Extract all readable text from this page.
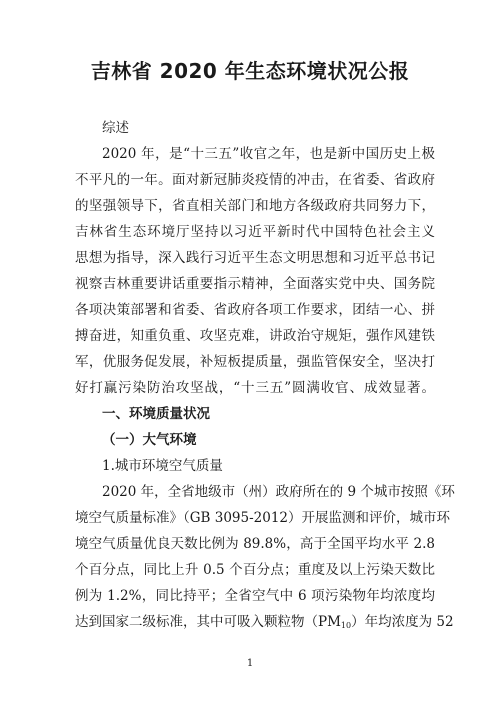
吉林省 2020 年生态环境状况公报
综述
2020 年，是“十三五”收官之年，也是新中国历史上极
不平凡的一年。面对新冠肺炎疫情的冲击，在省委、省政府
的坚强领导下，省直相关部门和地方各级政府共同努力下，
吉林省生态环境厅坚持以习近平新时代中国特色社会主义
思想为指导，深入践行习近平生态文明思想和习近平总书记
视察吉林重要讲话重要指示精神，全面落实党中央、国务院
各项决策部署和省委、省政府各项工作要求，团结一心、拼
搏奋进，知重负重、攻坚克难，讲政治守规矩，强作风建铁
军，优服务促发展，补短板提质量，强监管保安全，坚决打
好打赢污染防治攻坚战，“十三五”圆满收官、成效显著。
一、环境质量状况
（一）大气环境
1.城市环境空气质量
2020 年，全省地级市（州）政府所在的 9 个城市按照《环
境空气质量标准》（GB 3095-2012）开展监测和评价，城市环
境空气质量优良天数比例为 89.8%，高于全国平均水平 2.8
个百分点，同比上升 0.5 个百分点；重度及以上污染天数比
例为 1.2%，同比持平；全省空气中 6 项污染物年均浓度均
达到国家二级标准，其中可吸入颗粒物$(PM_{10})$年均浓度为 52
1
